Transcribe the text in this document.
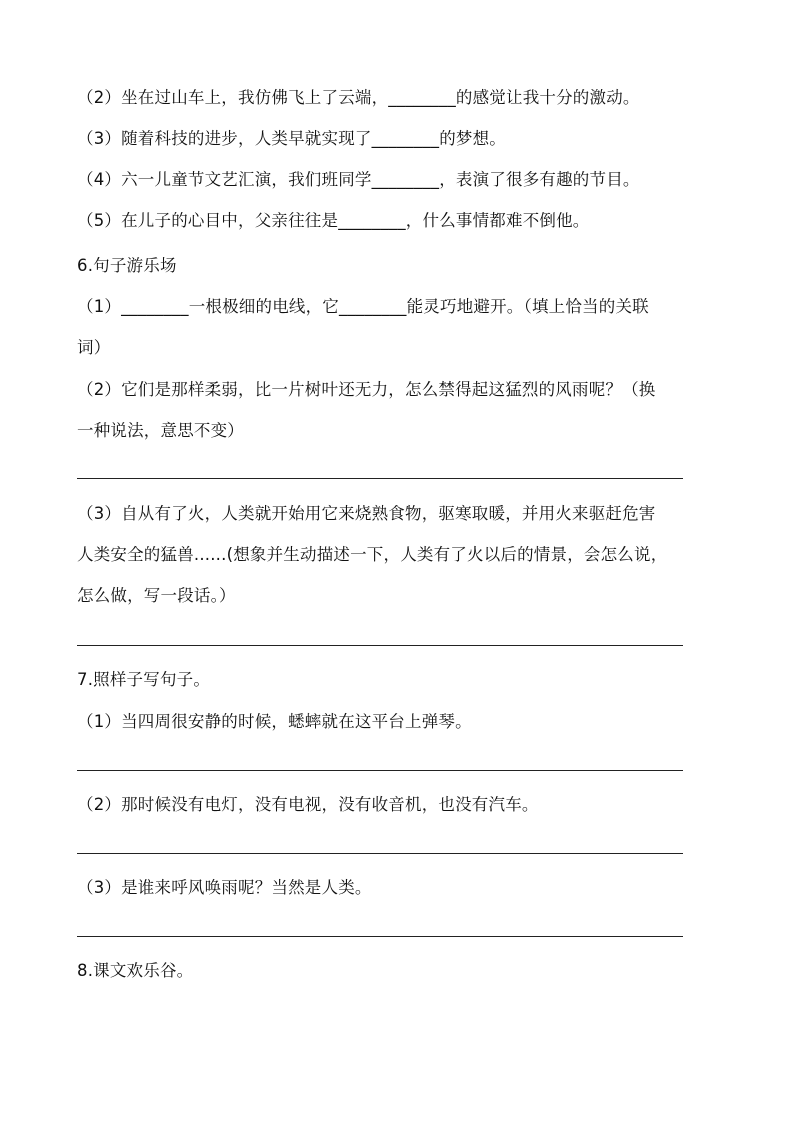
（2）坐在过山车上，我仿佛飞上了云端，________的感觉让我十分的激动。
（3）随着科技的进步，人类早就实现了________的梦想。
（4）六一儿童节文艺汇演，我们班同学________，表演了很多有趣的节目。
（5）在儿子的心目中，父亲往往是________，什么事情都难不倒他。
6.句子游乐场
（1）________一根极细的电线，它________能灵巧地避开。（填上恰当的关联
词）
（2）它们是那样柔弱，比一片树叶还无力，怎么禁得起这猛烈的风雨呢？（换
一种说法，意思不变）
（3）自从有了火，人类就开始用它来烧熟食物，驱寒取暖，并用火来驱赶危害
人类安全的猛兽......(想象并生动描述一下，人类有了火以后的情景，会怎么说，
怎么做，写一段话。）
7.照样子写句子。
（1）当四周很安静的时候，蟋蟀就在这平台上弹琴。
（2）那时候没有电灯，没有电视，没有收音机，也没有汽车。
（3）是谁来呼风唤雨呢？当然是人类。
8.课文欢乐谷。
